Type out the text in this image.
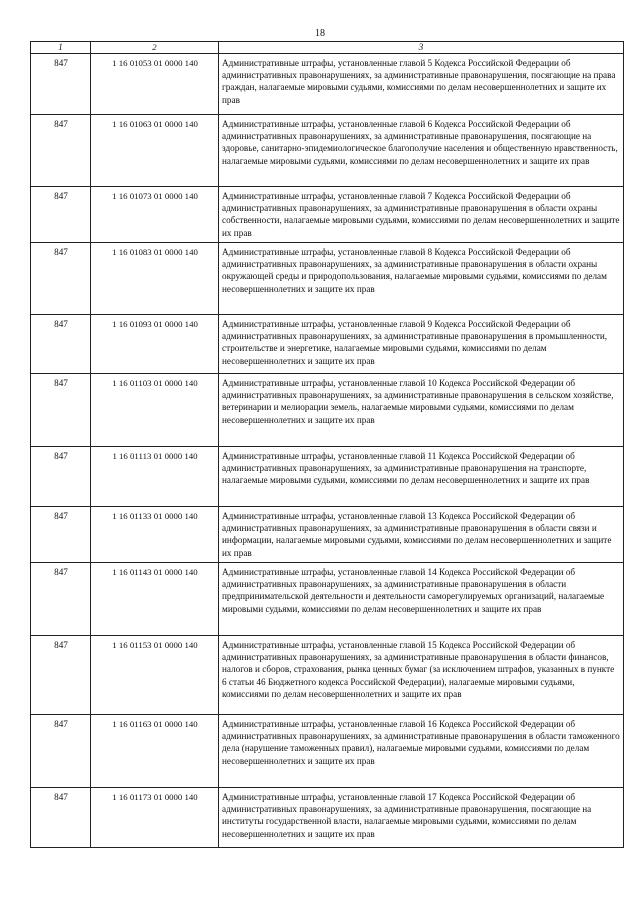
18
1	2	3
847	1 16 01053 01 0000 140	Административные штрафы, установленные главой 5 Кодекса Российской Федерации об административных правонарушениях, за административные правонарушения, посягающие на права граждан, налагаемые мировыми судьями, комиссиями по делам несовершеннолетних и защите их прав
847	1 16 01063 01 0000 140	Административные штрафы, установленные главой 6 Кодекса Российской Федерации об административных правонарушениях, за административные правонарушения, посягающие на здоровье, санитарно-эпидемиологическое благополучие населения и общественную нравственность, налагаемые мировыми судьями, комиссиями по делам несовершеннолетних и защите их прав
847	1 16 01073 01 0000 140	Административные штрафы, установленные главой 7 Кодекса Российской Федерации об административных правонарушениях, за административные правонарушения в области охраны собственности, налагаемые мировыми судьями, комиссиями по делам несовершеннолетних и защите их прав
847	1 16 01083 01 0000 140	Административные штрафы, установленные главой 8 Кодекса Российской Федерации об административных правонарушениях, за административные правонарушения в области охраны окружающей среды и природопользования, налагаемые мировыми судьями, комиссиями по делам несовершеннолетних и защите их прав
847	1 16 01093 01 0000 140	Административные штрафы, установленные главой 9 Кодекса Российской Федерации об административных правонарушениях, за административные правонарушения в промышленности, строительстве и энергетике, налагаемые мировыми судьями, комиссиями по делам несовершеннолетних и защите их прав
847	1 16 01103 01 0000 140	Административные штрафы, установленные главой 10 Кодекса Российской Федерации об административных правонарушениях, за административные правонарушения в сельском хозяйстве, ветеринарии и мелиорации земель, налагаемые мировыми судьями, комиссиями по делам несовершеннолетних и защите их прав
847	1 16 01113 01 0000 140	Административные штрафы, установленные главой 11 Кодекса Российской Федерации об административных правонарушениях, за административные правонарушения на транспорте, налагаемые мировыми судьями, комиссиями по делам несовершеннолетних и защите их прав
847	1 16 01133 01 0000 140	Административные штрафы, установленные главой 13 Кодекса Российской Федерации об административных правонарушениях, за административные правонарушения в области связи и информации, налагаемые мировыми судьями, комиссиями по делам несовершеннолетних и защите их прав
847	1 16 01143 01 0000 140	Административные штрафы, установленные главой 14 Кодекса Российской Федерации об административных правонарушениях, за административные правонарушения в области предпринимательской деятельности и деятельности саморегулируемых организаций, налагаемые мировыми судьями, комиссиями по делам несовершеннолетних и защите их прав
847	1 16 01153 01 0000 140	Административные штрафы, установленные главой 15 Кодекса Российской Федерации об административных правонарушениях, за административные правонарушения в области финансов, налогов и сборов, страхования, рынка ценных бумаг (за исключением штрафов, указанных в пункте 6 статьи 46 Бюджетного кодекса Российской Федерации), налагаемые мировыми судьями, комиссиями по делам несовершеннолетних и защите их прав
847	1 16 01163 01 0000 140	Административные штрафы, установленные главой 16 Кодекса Российской Федерации об административных правонарушениях, за административные правонарушения в области таможенного дела (нарушение таможенных правил), налагаемые мировыми судьями, комиссиями по делам несовершеннолетних и защите их прав
847	1 16 01173 01 0000 140	Административные штрафы, установленные главой 17 Кодекса Российской Федерации об административных правонарушениях, за административные правонарушения, посягающие на институты государственной власти, налагаемые мировыми судьями, комиссиями по делам несовершеннолетних и защите их прав
